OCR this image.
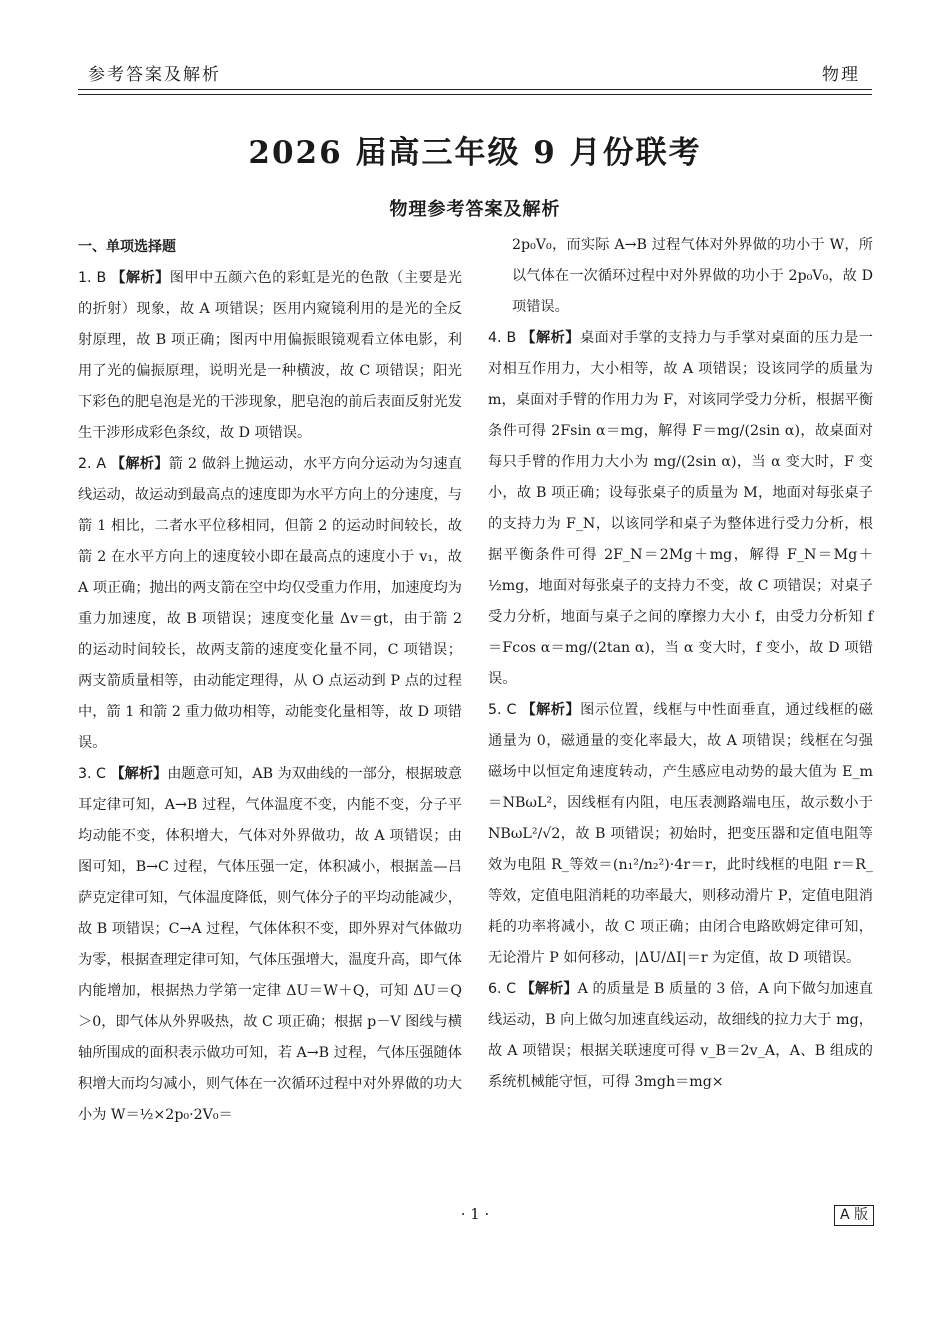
参考答案及解析	物理
2026 届高三年级 9 月份联考
物理参考答案及解析

一、单项选择题

1. B 【解析】图甲中五颜六色的彩虹是光的色散（主要是光的折射）现象，故 A 项错误；医用内窥镜利用的是光的全反射原理，故 B 项正确；图丙中用偏振眼镜观看立体电影，利用了光的偏振原理，说明光是一种横波，故 C 项错误；阳光下彩色的肥皂泡是光的干涉现象，肥皂泡的前后表面反射光发生干涉形成彩色条纹，故 D 项错误。

2. A 【解析】箭 2 做斜上抛运动，水平方向分运动为匀速直线运动，故运动到最高点的速度即为水平方向上的分速度，与箭 1 相比，二者水平位移相同，但箭 2 的运动时间较长，故箭 2 在水平方向上的速度较小即在最高点的速度小于 v₁，故 A 项正确；抛出的两支箭在空中均仅受重力作用，加速度均为重力加速度，故 B 项错误；速度变化量 Δv＝gt，由于箭 2 的运动时间较长，故两支箭的速度变化量不同，C 项错误；两支箭质量相等，由动能定理得，从 O 点运动到 P 点的过程中，箭 1 和箭 2 重力做功相等，动能变化量相等，故 D 项错误。

3. C 【解析】由题意可知，AB 为双曲线的一部分，根据玻意耳定律可知，A→B 过程，气体温度不变，内能不变，分子平均动能不变，体积增大，气体对外界做功，故 A 项错误；由图可知，B→C 过程，气体压强一定，体积减小，根据盖—吕萨克定律可知，气体温度降低，则气体分子的平均动能减少，故 B 项错误；C→A 过程，气体体积不变，即外界对气体做功为零，根据查理定律可知，气体压强增大，温度升高，即气体内能增加，根据热力学第一定律 ΔU＝W＋Q，可知 ΔU＝Q＞0，即气体从外界吸热，故 C 项正确；根据 p－V 图线与横轴所围成的面积表示做功可知，若 A→B 过程，气体压强随体积增大而均匀减小，则气体在一次循环过程中对外界做的功大小为 W＝½×2p₀·2V₀＝

2p₀V₀，而实际 A→B 过程气体对外界做的功小于 W，所以气体在一次循环过程中对外界做的功小于 2p₀V₀，故 D 项错误。

4. B 【解析】桌面对手掌的支持力与手掌对桌面的压力是一对相互作用力，大小相等，故 A 项错误；设该同学的质量为 m，桌面对手臂的作用力为 F，对该同学受力分析，根据平衡条件可得 2Fsin α＝mg，解得 F＝mg/(2sin α)，故桌面对每只手臂的作用力大小为 mg/(2sin α)，当 α 变大时，F 变小，故 B 项正确；设每张桌子的质量为 M，地面对每张桌子的支持力为 F_N，以该同学和桌子为整体进行受力分析，根据平衡条件可得 2F_N＝2Mg＋mg，解得 F_N＝Mg＋½mg，地面对每张桌子的支持力不变，故 C 项错误；对桌子受力分析，地面与桌子之间的摩擦力大小 f，由受力分析知 f＝Fcos α＝mg/(2tan α)，当 α 变大时，f 变小，故 D 项错误。

5. C 【解析】图示位置，线框与中性面垂直，通过线框的磁通量为 0，磁通量的变化率最大，故 A 项错误；线框在匀强磁场中以恒定角速度转动，产生感应电动势的最大值为 E_m＝NBωL²，因线框有内阻，电压表测路端电压，故示数小于 NBωL²/√2，故 B 项错误；初始时，把变压器和定值电阻等效为电阻 R_等效＝(n₁²/n₂²)·4r＝r，此时线框的电阻 r＝R_等效，定值电阻消耗的功率最大，则移动滑片 P，定值电阻消耗的功率将减小，故 C 项正确；由闭合电路欧姆定律可知，无论滑片 P 如何移动，|ΔU/ΔI|＝r 为定值，故 D 项错误。

6. C 【解析】A 的质量是 B 质量的 3 倍，A 向下做匀加速直线运动，B 向上做匀加速直线运动，故细线的拉力大于 mg，故 A 项错误；根据关联速度可得 v_B＝2v_A，A、B 组成的系统机械能守恒，可得 3mgh＝mg×

· 1 ·	A 版
